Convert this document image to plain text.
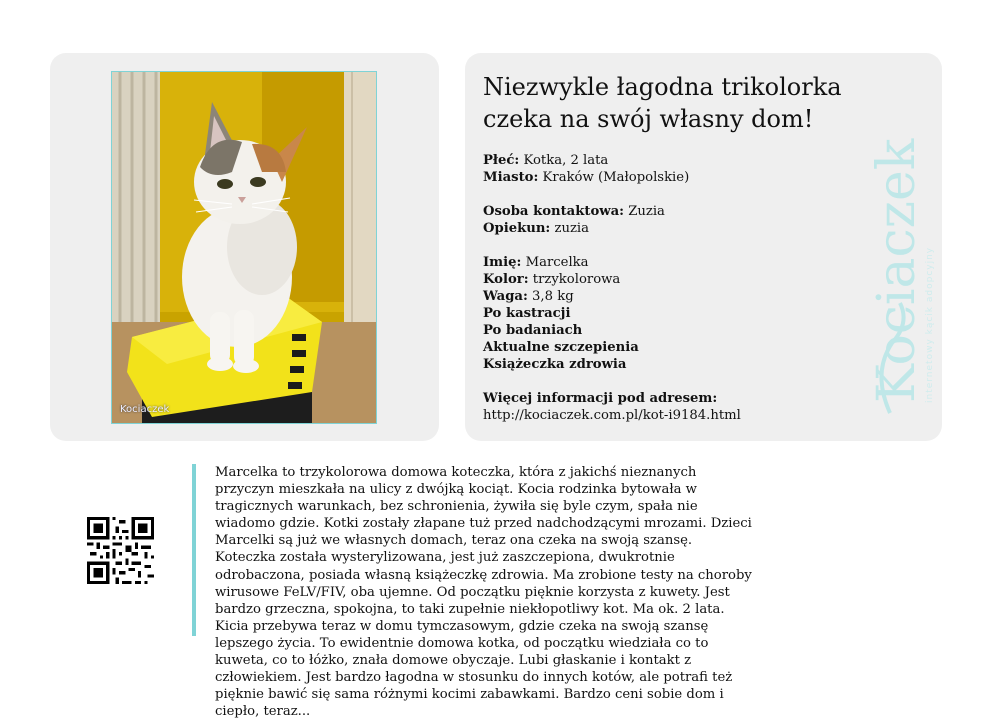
Kociaczek
Niezwykle łagodna trikolorka czeka na swój własny dom!
Płeć: Kotka, 2 lata
Miasto: Kraków (Małopolskie)
Osoba kontaktowa: Zuzia
Opiekun: zuzia
Imię: Marcelka
Kolor: trzykolorowa
Waga: 3,8 kg
Po kastracji
Po badaniach
Aktualne szczepienia
Książeczka zdrowia
Więcej informacji pod adresem:
http://kociaczek.com.pl/kot-i9184.html
Kociaczek
internetowy kącik adopcyjny

Marcelka to trzykolorowa domowa koteczka, która z jakichś nieznanych przyczyn mieszkała na ulicy z dwójką kociąt. Kocia rodzinka bytowała w tragicznych warunkach, bez schronienia, żywiła się byle czym, spała nie wiadomo gdzie. Kotki zostały złapane tuż przed nadchodzącymi mrozami. Dzieci Marcelki są już we własnych domach, teraz ona czeka na swoją szansę. Koteczka została wysterylizowana, jest już zaszczepiona, dwukrotnie odrobaczona, posiada własną książeczkę zdrowia. Ma zrobione testy na choroby wirusowe FeLV/FIV, oba ujemne. Od początku pięknie korzysta z kuwety. Jest bardzo grzeczna, spokojna, to taki zupełnie niekłopotliwy kot. Ma ok. 2 lata. Kicia przebywa teraz w domu tymczasowym, gdzie czeka na swoją szansę lepszego życia. To ewidentnie domowa kotka, od początku wiedziała co to kuweta, co to łóżko, znała domowe obyczaje. Lubi głaskanie i kontakt z człowiekiem. Jest bardzo łagodna w stosunku do innych kotów, ale potrafi też pięknie bawić się sama różnymi kocimi zabawkami. Bardzo ceni sobie dom i ciepło, teraz...
